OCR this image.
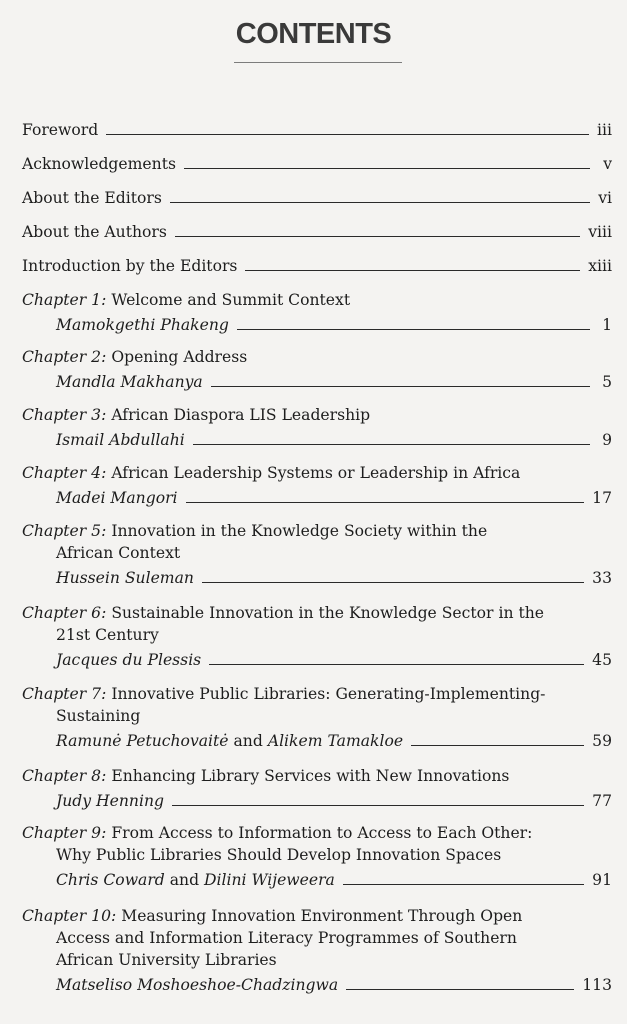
CONTENTS
Foreword	iii
Acknowledgements	v
About the Editors	vi
About the Authors	viii
Introduction by the Editors	xiii
Chapter 1: Welcome and Summit Context
Mamokgethi Phakeng	1
Chapter 2: Opening Address
Mandla Makhanya	5
Chapter 3: African Diaspora LIS Leadership
Ismail Abdullahi	9
Chapter 4: African Leadership Systems or Leadership in Africa
Madei Mangori	17
Chapter 5: Innovation in the Knowledge Society within the
African Context
Hussein Suleman	33
Chapter 6: Sustainable Innovation in the Knowledge Sector in the
21st Century
Jacques du Plessis	45
Chapter 7: Innovative Public Libraries: Generating-Implementing-
Sustaining
Ramunė Petuchovaitė and Alikem Tamakloe	59
Chapter 8: Enhancing Library Services with New Innovations
Judy Henning	77
Chapter 9: From Access to Information to Access to Each Other:
Why Public Libraries Should Develop Innovation Spaces
Chris Coward and Dilini Wijeweera	91
Chapter 10: Measuring Innovation Environment Through Open
Access and Information Literacy Programmes of Southern
African University Libraries
Matseliso Moshoeshoe-Chadzingwa	113
